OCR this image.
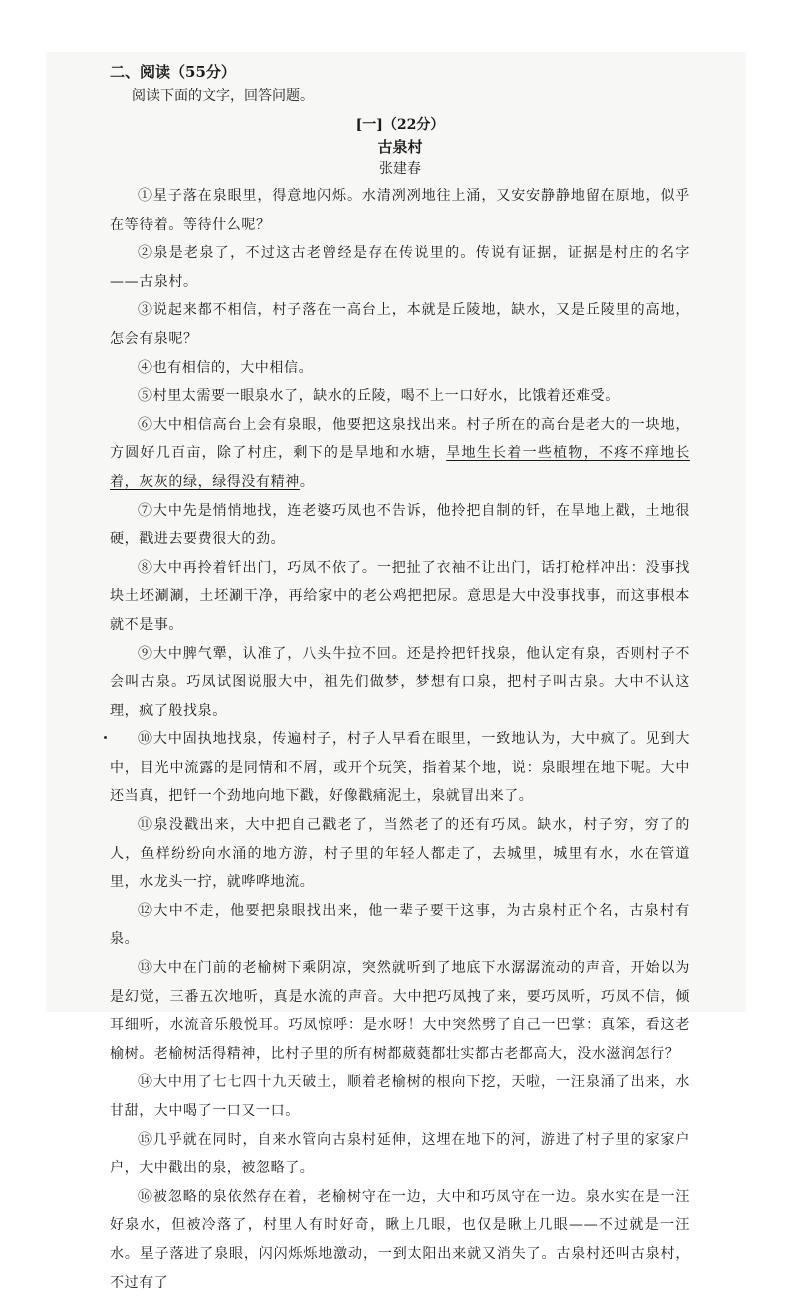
二、阅读（55分）

阅读下面的文字，回答问题。

[一]（22分）

古泉村

张建春

①星子落在泉眼里，得意地闪烁。水清冽冽地往上涌，又安安静静地留在原地，似乎在等待着。等待什么呢？

②泉是老泉了，不过这古老曾经是存在传说里的。传说有证据，证据是村庄的名字——古泉村。

③说起来都不相信，村子落在一高台上，本就是丘陵地，缺水，又是丘陵里的高地，怎会有泉呢？

④也有相信的，大中相信。

⑤村里太需要一眼泉水了，缺水的丘陵，喝不上一口好水，比饿着还难受。

⑥大中相信高台上会有泉眼，他要把这泉找出来。村子所在的高台是老大的一块地，方圆好几百亩，除了村庄，剩下的是旱地和水塘，旱地生长着一些植物，不疼不痒地长着，灰灰的绿，绿得没有精神。

⑦大中先是悄悄地找，连老婆巧凤也不告诉，他拎把自制的钎，在旱地上戳，土地很硬，戳进去要费很大的劲。

⑧大中再拎着钎出门，巧凤不依了。一把扯了衣袖不让出门，话打枪样冲出：没事找块土坯涮涮，土坯涮干净，再给家中的老公鸡把把尿。意思是大中没事找事，而这事根本就不是事。

⑨大中脾气犟，认准了，八头牛拉不回。还是拎把钎找泉，他认定有泉，否则村子不会叫古泉。巧凤试图说服大中，祖先们做梦，梦想有口泉，把村子叫古泉。大中不认这理，疯了般找泉。

⑩大中固执地找泉，传遍村子，村子人早看在眼里，一致地认为，大中疯了。见到大中，目光中流露的是同情和不屑，或开个玩笑，指着某个地，说：泉眼埋在地下呢。大中还当真，把钎一个劲地向地下戳，好像戳痛泥土，泉就冒出来了。

⑪泉没戳出来，大中把自己戳老了，当然老了的还有巧凤。缺水，村子穷，穷了的人，鱼样纷纷向水涌的地方游，村子里的年轻人都走了，去城里，城里有水，水在管道里，水龙头一拧，就哗哗地流。

⑫大中不走，他要把泉眼找出来，他一辈子要干这事，为古泉村正个名，古泉村有泉。

⑬大中在门前的老榆树下乘阴凉，突然就听到了地底下水潺潺流动的声音，开始以为是幻觉，三番五次地听，真是水流的声音。大中把巧凤拽了来，要巧凤听，巧凤不信，倾耳细听，水流音乐般悦耳。巧凤惊呼：是水呀！大中突然劈了自己一巴掌：真笨，看这老榆树。老榆树活得精神，比村子里的所有树都葳蕤都壮实都古老都高大，没水滋润怎行？

⑭大中用了七七四十九天破土，顺着老榆树的根向下挖，天啦，一汪泉涌了出来，水甘甜，大中喝了一口又一口。

⑮几乎就在同时，自来水管向古泉村延伸，这埋在地下的河，游进了村子里的家家户户，大中戳出的泉，被忽略了。

⑯被忽略的泉依然存在着，老榆树守在一边，大中和巧凤守在一边。泉水实在是一汪好泉水，但被冷落了，村里人有时好奇，瞅上几眼，也仅是瞅上几眼——不过就是一汪水。星子落进了泉眼，闪闪烁烁地激动，一到太阳出来就又消失了。古泉村还叫古泉村，不过有了
